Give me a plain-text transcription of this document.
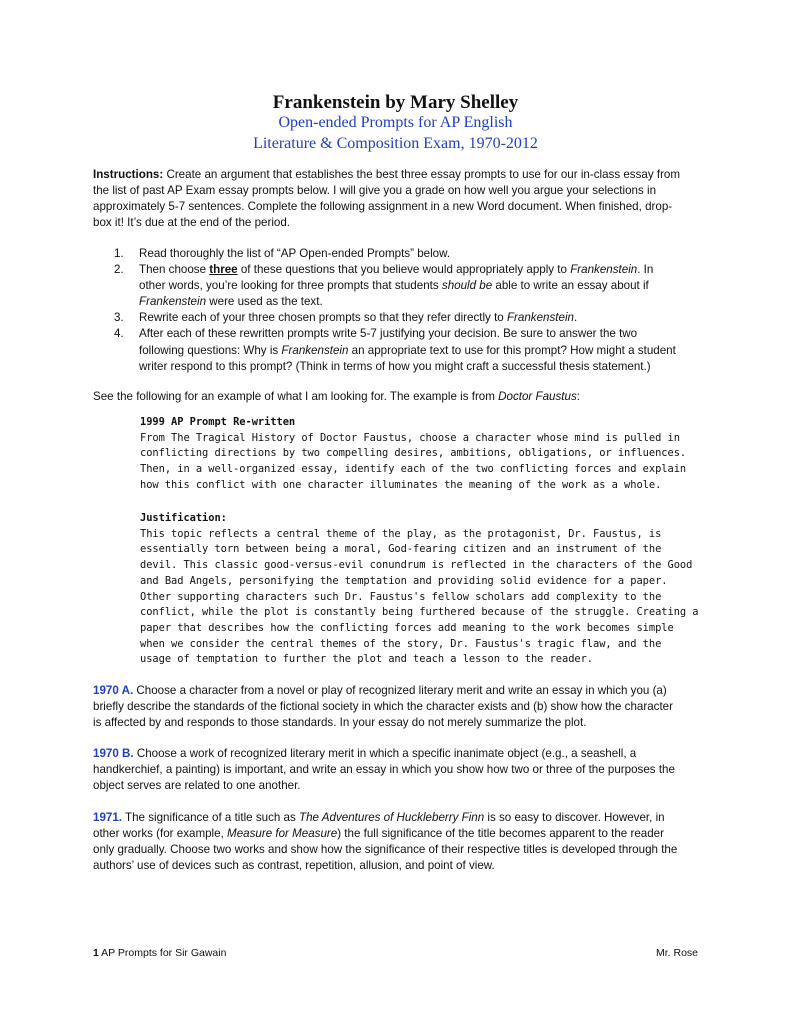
Frankenstein by Mary Shelley
Open-ended Prompts for AP English
Literature & Composition Exam, 1970-2012
Instructions: Create an argument that establishes the best three essay prompts to use for our in-class essay from
the list of past AP Exam essay prompts below. I will give you a grade on how well you argue your selections in
approximately 5-7 sentences. Complete the following assignment in a new Word document. When finished, drop-
box it! It’s due at the end of the period.
1. Read thoroughly the list of “AP Open-ended Prompts” below.
2. Then choose three of these questions that you believe would appropriately apply to Frankenstein. In
other words, you’re looking for three prompts that students should be able to write an essay about if
Frankenstein were used as the text.
3. Rewrite each of your three chosen prompts so that they refer directly to Frankenstein.
4. After each of these rewritten prompts write 5-7 justifying your decision. Be sure to answer the two
following questions: Why is Frankenstein an appropriate text to use for this prompt? How might a student
writer respond to this prompt? (Think in terms of how you might craft a successful thesis statement.)
See the following for an example of what I am looking for. The example is from Doctor Faustus:
1999 AP Prompt Re-written
From The Tragical History of Doctor Faustus, choose a character whose mind is pulled in
conflicting directions by two compelling desires, ambitions, obligations, or influences.
Then, in a well-organized essay, identify each of the two conflicting forces and explain
how this conflict with one character illuminates the meaning of the work as a whole.
Justification:
This topic reflects a central theme of the play, as the protagonist, Dr. Faustus, is
essentially torn between being a moral, God-fearing citizen and an instrument of the
devil. This classic good-versus-evil conundrum is reflected in the characters of the Good
and Bad Angels, personifying the temptation and providing solid evidence for a paper.
Other supporting characters such Dr. Faustus's fellow scholars add complexity to the
conflict, while the plot is constantly being furthered because of the struggle. Creating a
paper that describes how the conflicting forces add meaning to the work becomes simple
when we consider the central themes of the story, Dr. Faustus's tragic flaw, and the
usage of temptation to further the plot and teach a lesson to the reader.
1970 A. Choose a character from a novel or play of recognized literary merit and write an essay in which you (a)
briefly describe the standards of the fictional society in which the character exists and (b) show how the character
is affected by and responds to those standards. In your essay do not merely summarize the plot.
1970 B. Choose a work of recognized literary merit in which a specific inanimate object (e.g., a seashell, a
handkerchief, a painting) is important, and write an essay in which you show how two or three of the purposes the
object serves are related to one another.
1971. The significance of a title such as The Adventures of Huckleberry Finn is so easy to discover. However, in
other works (for example, Measure for Measure) the full significance of the title becomes apparent to the reader
only gradually. Choose two works and show how the significance of their respective titles is developed through the
authors’ use of devices such as contrast, repetition, allusion, and point of view.
1 AP Prompts for Sir Gawain	Mr. Rose
